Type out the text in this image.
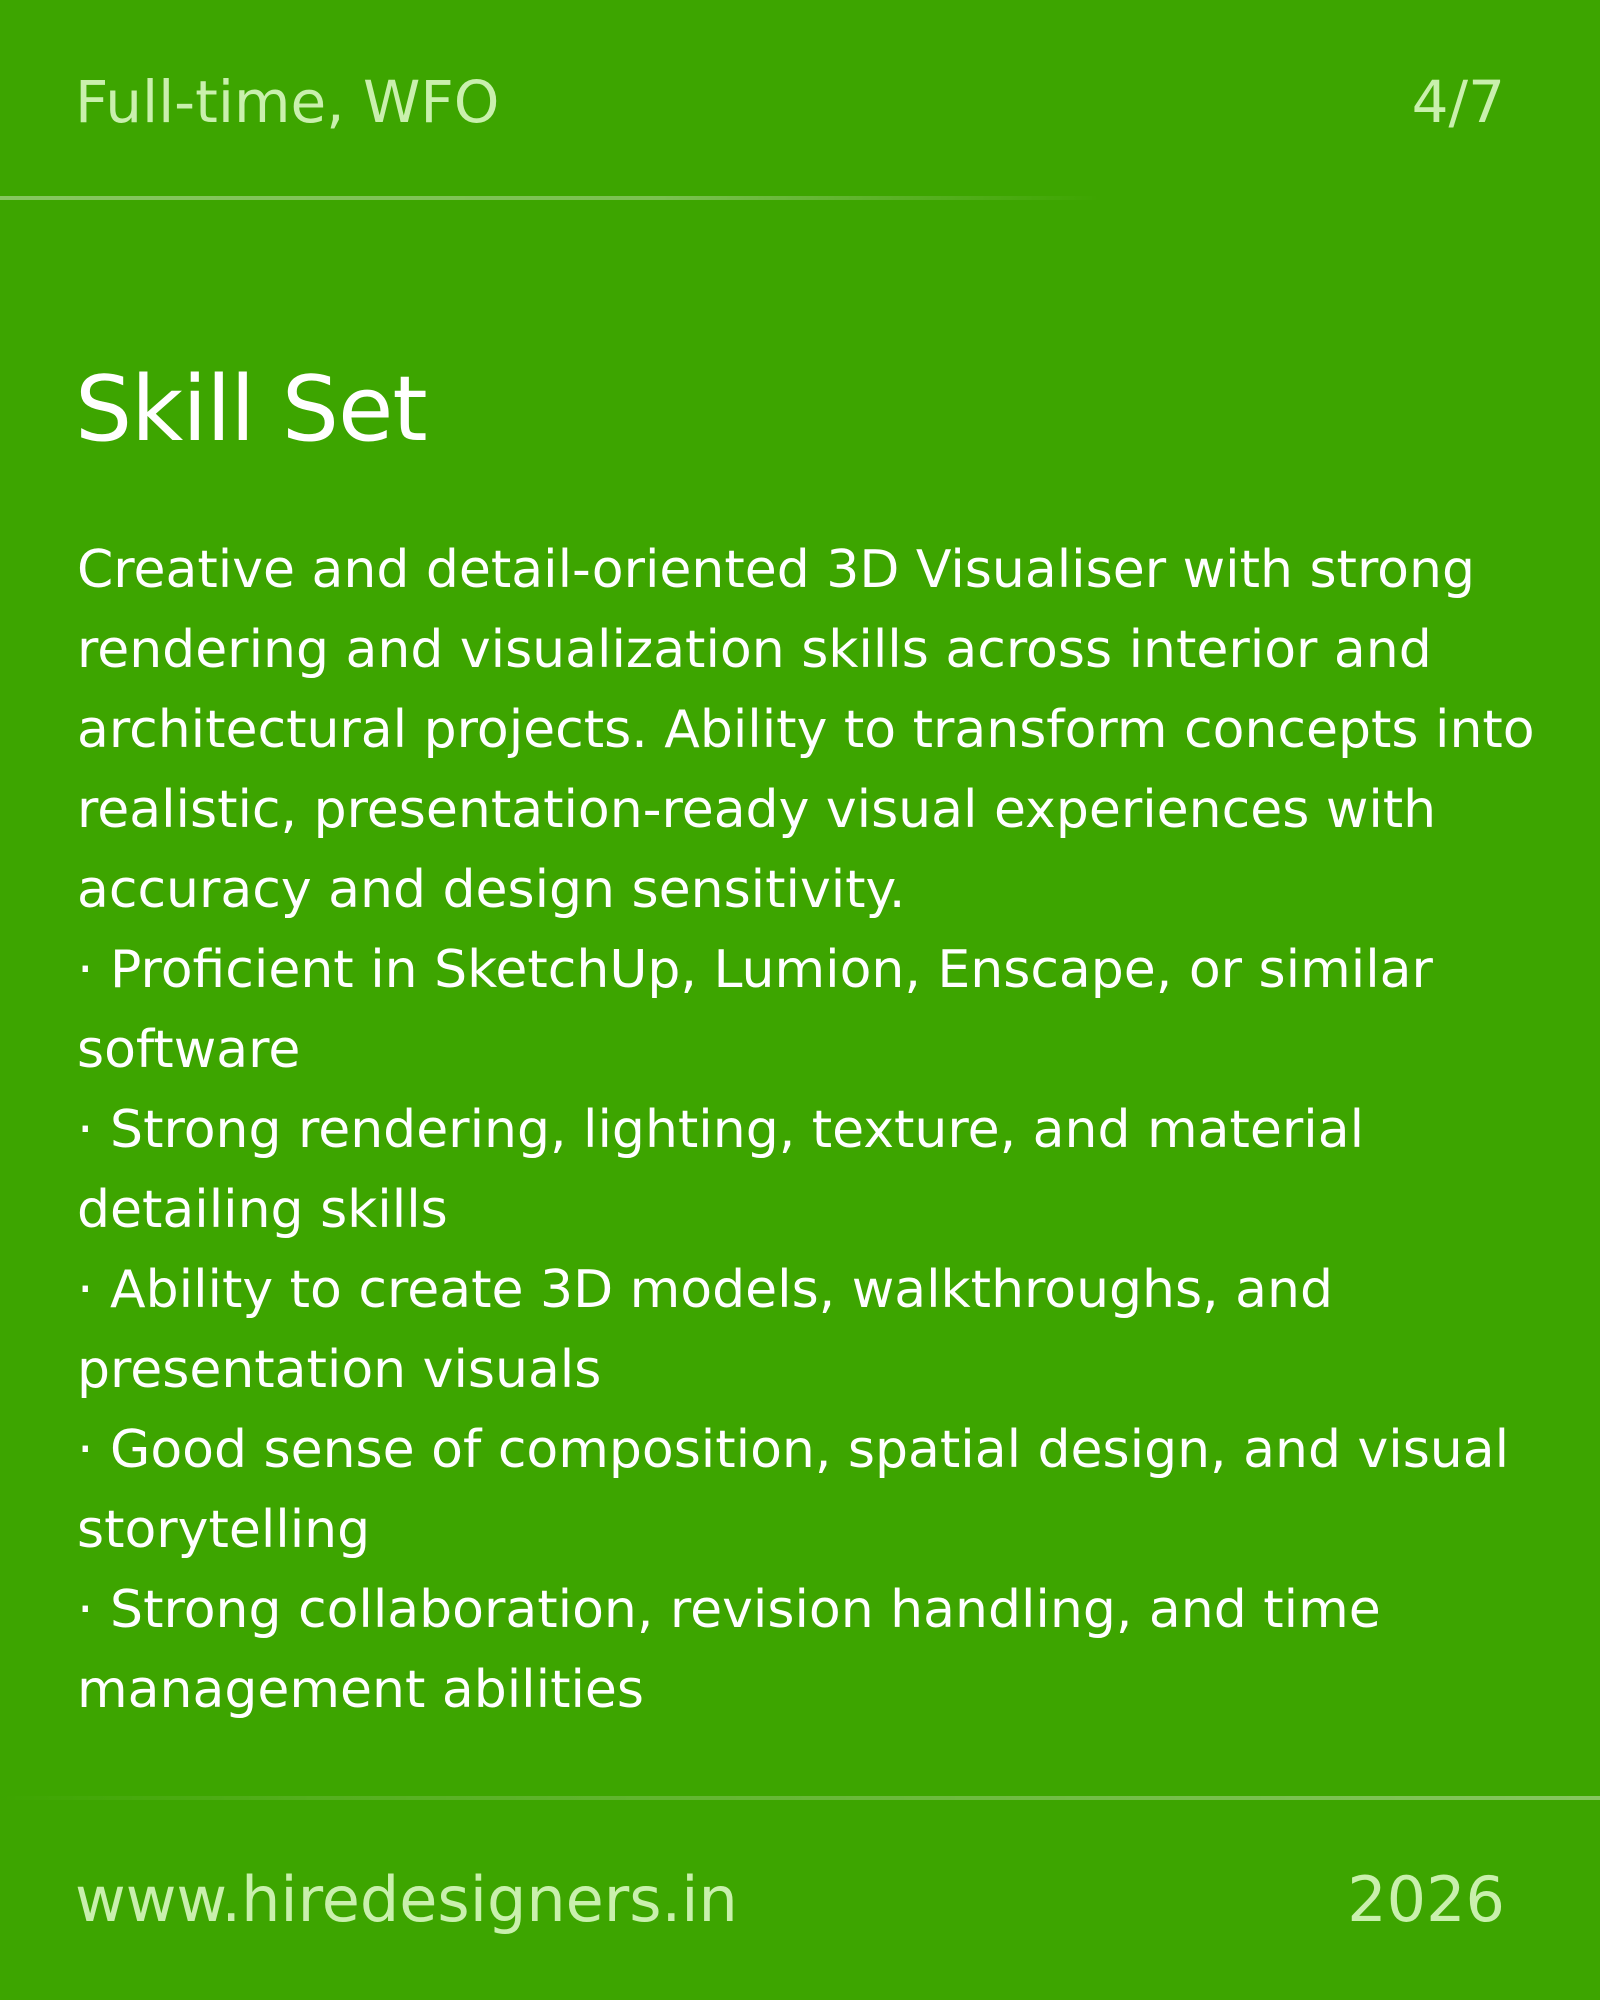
Full-time, WFO	4/7
Skill Set

Creative and detail-oriented 3D Visualiser with strong rendering and visualization skills across interior and architectural projects. Ability to transform concepts into realistic, presentation-ready visual experiences with accuracy and design sensitivity.

· Proficient in SketchUp, Lumion, Enscape, or similar software
· Strong rendering, lighting, texture, and material detailing skills
· Ability to create 3D models, walkthroughs, and presentation visuals
· Good sense of composition, spatial design, and visual storytelling
· Strong collaboration, revision handling, and time management abilities
www.hiredesigners.in	2026
